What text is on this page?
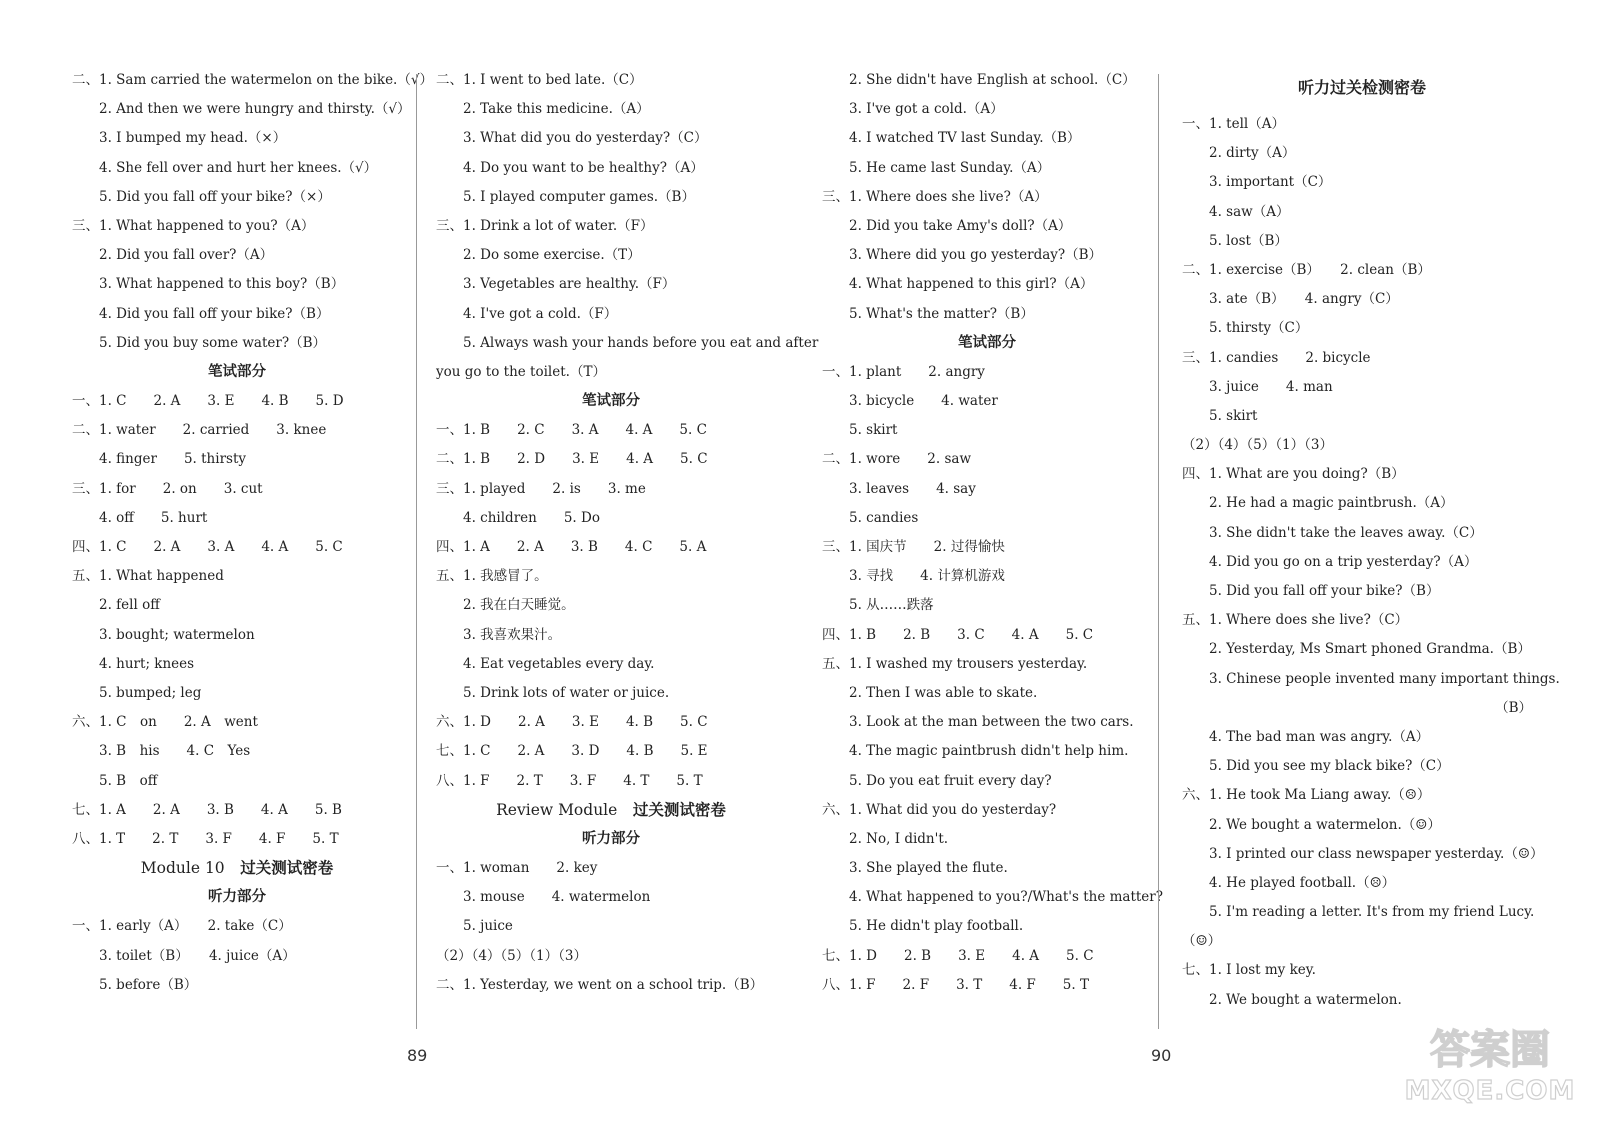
二、1. Sam carried the watermelon on the bike.（√）
　　2. And then we were hungry and thirsty.（√）
　　3. I bumped my head.（×）
　　4. She fell over and hurt her knees.（√）
　　5. Did you fall off your bike?（×）
三、1. What happened to you?（A）
　　2. Did you fall over?（A）
　　3. What happened to this boy?（B）
　　4. Did you fall off your bike?（B）
　　5. Did you buy some water?（B）
笔试部分
一、1. C　　2. A　　3. E　　4. B　　5. D
二、1. water　　2. carried　　3. knee
　　4. finger　　5. thirsty
三、1. for　　2. on　　3. cut
　　4. off　　5. hurt
四、1. C　　2. A　　3. A　　4. A　　5. C
五、1. What happened
　　2. fell off
　　3. bought; watermelon
　　4. hurt; knees
　　5. bumped; leg
六、1. C　on　　2. A　went
　　3. B　his　　4. C　Yes
　　5. B　off
七、1. A　　2. A　　3. B　　4. A　　5. B
八、1. T　　2. T　　3. F　　4. F　　5. T
Module 10　 过关测试密卷
听力部分
一、1. early（A）　　2. take（C）
　　3. toilet（B）　　4. juice（A）
　　5. before（B）
二、1. I went to bed late.（C）
　　2. Take this medicine.（A）
　　3. What did you do yesterday?（C）
　　4. Do you want to be healthy?（A）
　　5. I played computer games.（B）
三、1. Drink a lot of water.（F）
　　2. Do some exercise.（T）
　　3. Vegetables are healthy.（F）
　　4. I've got a cold.（F）
　　5. Always wash your hands before you eat and after
you go to the toilet.（T）
笔试部分
一、1. B　　2. C　　3. A　　4. A　　5. C
二、1. B　　2. D　　3. E　　4. A　　5. C
三、1. played　　2. is　　3. me
　　4. children　　5. Do
四、1. A　　2. A　　3. B　　4. C　　5. A
五、1. 我感冒了。
　　2. 我在白天睡觉。
　　3. 我喜欢果汁。
　　4. Eat vegetables every day.
　　5. Drink lots of water or juice.
六、1. D　　2. A　　3. E　　4. B　　5. C
七、1. C　　2. A　　3. D　　4. B　　5. E
八、1. F　　2. T　　3. F　　4. T　　5. T
Review Module　 过关测试密卷
听力部分
一、1. woman　　2. key
　　3. mouse　　4. watermelon
　　5. juice
（2）（4）（5）（1）（3）
二、1. Yesterday, we went on a school trip.（B）
　　2. She didn't have English at school.（C）
　　3. I've got a cold.（A）
　　4. I watched TV last Sunday.（B）
　　5. He came last Sunday.（A）
三、1. Where does she live?（A）
　　2. Did you take Amy's doll?（A）
　　3. Where did you go yesterday?（B）
　　4. What happened to this girl?（A）
　　5. What's the matter?（B）
笔试部分
一、1. plant　　2. angry
　　3. bicycle　　4. water
　　5. skirt
二、1. wore　　2. saw
　　3. leaves　　4. say
　　5. candies
三、1. 国庆节　　2. 过得愉快
　　3. 寻找　　4. 计算机游戏
　　5. 从……跌落
四、1. B　　2. B　　3. C　　4. A　　5. C
五、1. I washed my trousers yesterday.
　　2. Then I was able to skate.
　　3. Look at the man between the two cars.
　　4. The magic paintbrush didn't help him.
　　5. Do you eat fruit every day?
六、1. What did you do yesterday?
　　2. No, I didn't.
　　3. She played the flute.
　　4. What happened to you?/What's the matter?
　　5. He didn't play football.
七、1. D　　2. B　　3. E　　4. A　　5. C
八、1. F　　2. F　　3. T　　4. F　　5. T
听力过关检测密卷
一、1. tell（A）
　　2. dirty（A）
　　3. important（C）
　　4. saw（A）
　　5. lost（B）
二、1. exercise（B）　　2. clean（B）
　　3. ate（B）　　4. angry（C）
　　5. thirsty（C）
三、1. candies　　2. bicycle
　　3. juice　　4. man
　　5. skirt
（2）（4）（5）（1）（3）
四、1. What are you doing?（B）
　　2. He had a magic paintbrush.（A）
　　3. She didn't take the leaves away.（C）
　　4. Did you go on a trip yesterday?（A）
　　5. Did you fall off your bike?（B）
五、1. Where does she live?（C）
　　2. Yesterday, Ms Smart phoned Grandma.（B）
　　3. Chinese people invented many important things.
（B）
　　4. The bad man was angry.（A）
　　5. Did you see my black bike?（C）
六、1. He took Ma Liang away.（☹）
　　2. We bought a watermelon.（☺）
　　3. I printed our class newspaper yesterday.（☺）
　　4. He played football.（☹）
　　5. I'm reading a letter. It's from my friend Lucy.
（☺）
七、1. I lost my key.
　　2. We bought a watermelon.
89	90	答案圈
MXQE.COM
